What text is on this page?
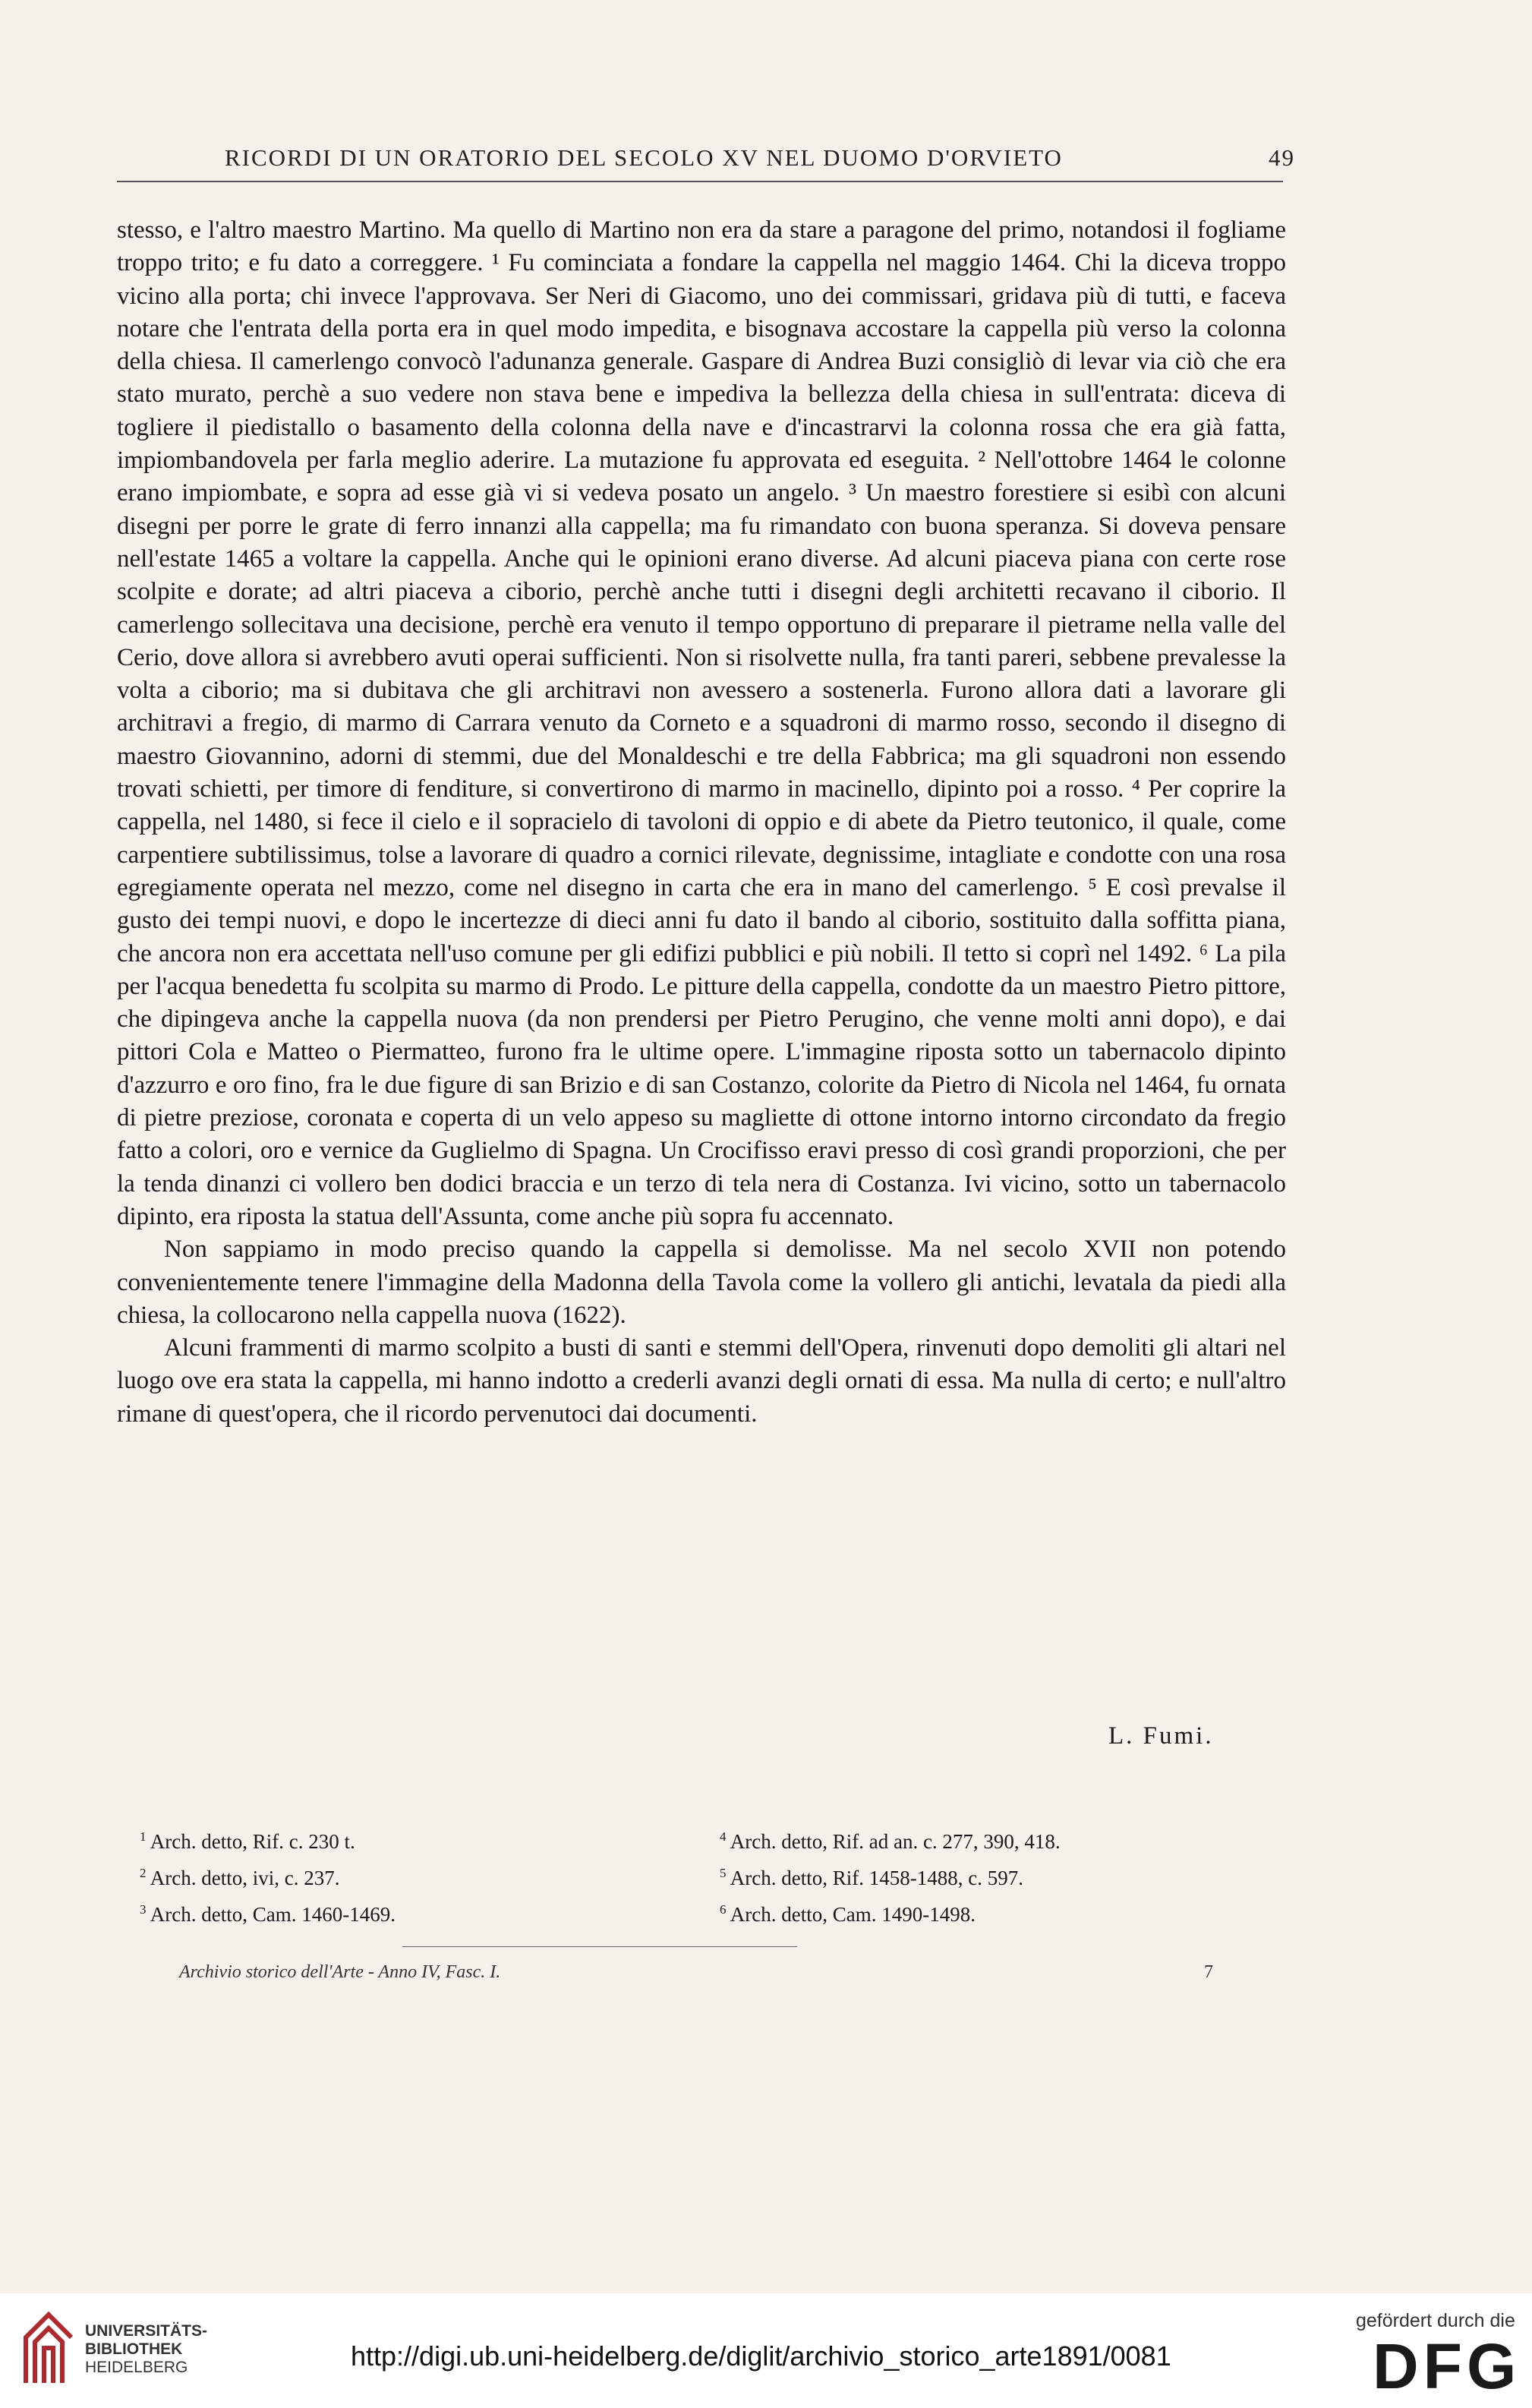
RICORDI DI UN ORATORIO DEL SECOLO XV NEL DUOMO D'ORVIETO	49

stesso, e l'altro maestro Martino. Ma quello di Martino non era da stare a paragone del primo, notandosi il fogliame troppo trito; e fu dato a correggere. ¹ Fu cominciata a fondare la cappella nel maggio 1464. Chi la diceva troppo vicino alla porta; chi invece l'approvava. Ser Neri di Giacomo, uno dei commissari, gridava più di tutti, e faceva notare che l'entrata della porta era in quel modo impedita, e bisognava accostare la cappella più verso la colonna della chiesa. Il camerlengo convocò l'adunanza generale. Gaspare di Andrea Buzi consigliò di levar via ciò che era stato murato, perchè a suo vedere non stava bene e impediva la bellezza della chiesa in sull'entrata: diceva di togliere il piedistallo o basamento della colonna della nave e d'incastrarvi la colonna rossa che era già fatta, impiombandovela per farla meglio aderire. La mutazione fu approvata ed eseguita. ² Nell'ottobre 1464 le colonne erano impiombate, e sopra ad esse già vi si vedeva posato un angelo. ³ Un maestro forestiere si esibì con alcuni disegni per porre le grate di ferro innanzi alla cappella; ma fu rimandato con buona speranza. Si doveva pensare nell'estate 1465 a voltare la cappella. Anche qui le opinioni erano diverse. Ad alcuni piaceva piana con certe rose scolpite e dorate; ad altri piaceva a ciborio, perchè anche tutti i disegni degli architetti recavano il ciborio. Il camerlengo sollecitava una decisione, perchè era venuto il tempo opportuno di preparare il pietrame nella valle del Cerio, dove allora si avrebbero avuti operai sufficienti. Non si risolvette nulla, fra tanti pareri, sebbene prevalesse la volta a ciborio; ma si dubitava che gli architravi non avessero a sostenerla. Furono allora dati a lavorare gli architravi a fregio, di marmo di Carrara venuto da Corneto e a squadroni di marmo rosso, secondo il disegno di maestro Giovannino, adorni di stemmi, due del Monaldeschi e tre della Fabbrica; ma gli squadroni non essendo trovati schietti, per timore di fenditure, si convertirono di marmo in macinello, dipinto poi a rosso. ⁴ Per coprire la cappella, nel 1480, si fece il cielo e il sopracielo di tavoloni di oppio e di abete da Pietro teutonico, il quale, come carpentiere subtilissimus, tolse a lavorare di quadro a cornici rilevate, degnissime, intagliate e condotte con una rosa egregiamente operata nel mezzo, come nel disegno in carta che era in mano del camerlengo. ⁵ E così prevalse il gusto dei tempi nuovi, e dopo le incertezze di dieci anni fu dato il bando al ciborio, sostituito dalla soffitta piana, che ancora non era accettata nell'uso comune per gli edifizi pubblici e più nobili. Il tetto si coprì nel 1492. ⁶ La pila per l'acqua benedetta fu scolpita su marmo di Prodo. Le pitture della cappella, condotte da un maestro Pietro pittore, che dipingeva anche la cappella nuova (da non prendersi per Pietro Perugino, che venne molti anni dopo), e dai pittori Cola e Matteo o Piermatteo, furono fra le ultime opere. L'immagine riposta sotto un tabernacolo dipinto d'azzurro e oro fino, fra le due figure di san Brizio e di san Costanzo, colorite da Pietro di Nicola nel 1464, fu ornata di pietre preziose, coronata e coperta di un velo appeso su magliette di ottone intorno intorno circondato da fregio fatto a colori, oro e vernice da Guglielmo di Spagna. Un Crocifisso eravi presso di così grandi proporzioni, che per la tenda dinanzi ci vollero ben dodici braccia e un terzo di tela nera di Costanza. Ivi vicino, sotto un tabernacolo dipinto, era riposta la statua dell'Assunta, come anche più sopra fu accennato.

Non sappiamo in modo preciso quando la cappella si demolisse. Ma nel secolo XVII non potendo convenientemente tenere l'immagine della Madonna della Tavola come la vollero gli antichi, levatala da piedi alla chiesa, la collocarono nella cappella nuova (1622).

Alcuni frammenti di marmo scolpito a busti di santi e stemmi dell'Opera, rinvenuti dopo demoliti gli altari nel luogo ove era stata la cappella, mi hanno indotto a crederli avanzi degli ornati di essa. Ma nulla di certo; e null'altro rimane di quest'opera, che il ricordo pervenutoci dai documenti.

L. Fumi.
$^1$ Arch. detto, Rif. c. 230 t.
$^2$ Arch. detto, ivi, c. 237.
$^3$ Arch. detto, Cam. 1460-1469.
$^4$ Arch. detto, Rif. ad an. c. 277, 390, 418.
$^5$ Arch. detto, Rif. 1458-1488, c. 597.
$^6$ Arch. detto, Cam. 1490-1498.
Archivio storico dell'Arte - Anno IV, Fasc. I.	7
UNIVERSITÄTS-
BIBLIOTHEK
HEIDELBERG	http://digi.ub.uni-heidelberg.de/diglit/archivio_storico_arte1891/0081
gefördert durch die
DFG
